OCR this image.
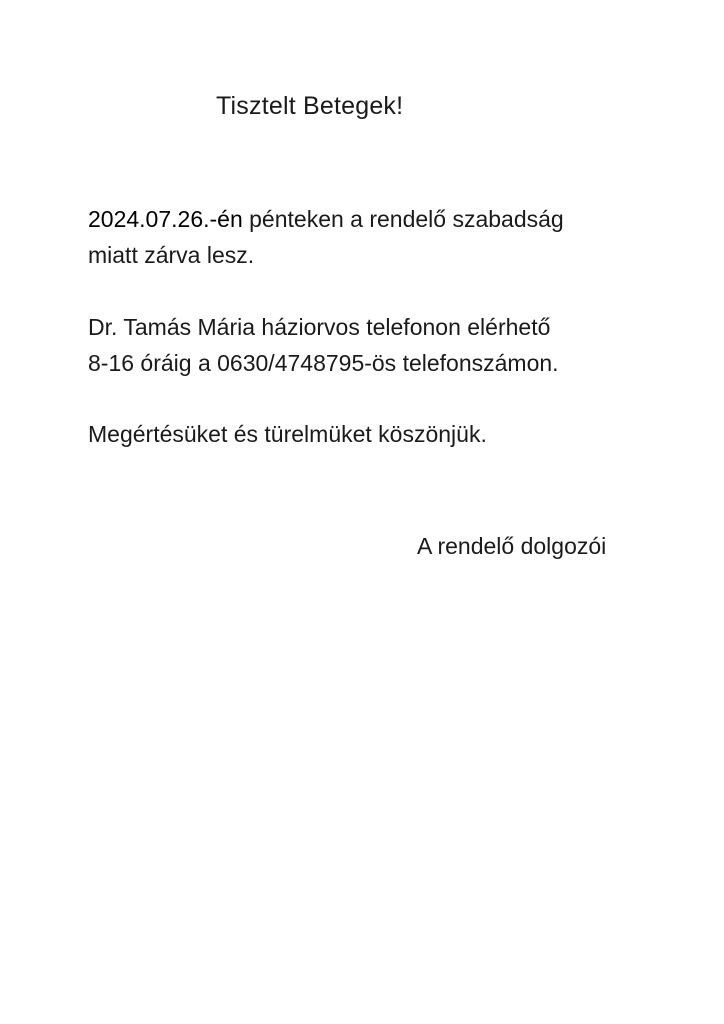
Tisztelt Betegek!
2024.07.26.-én pénteken a rendelő szabadság
miatt zárva lesz.
Dr. Tamás Mária háziorvos telefonon elérhető
8-16 óráig a 0630/4748795-ös telefonszámon.
Megértésüket és türelmüket köszönjük.
A rendelő dolgozói
